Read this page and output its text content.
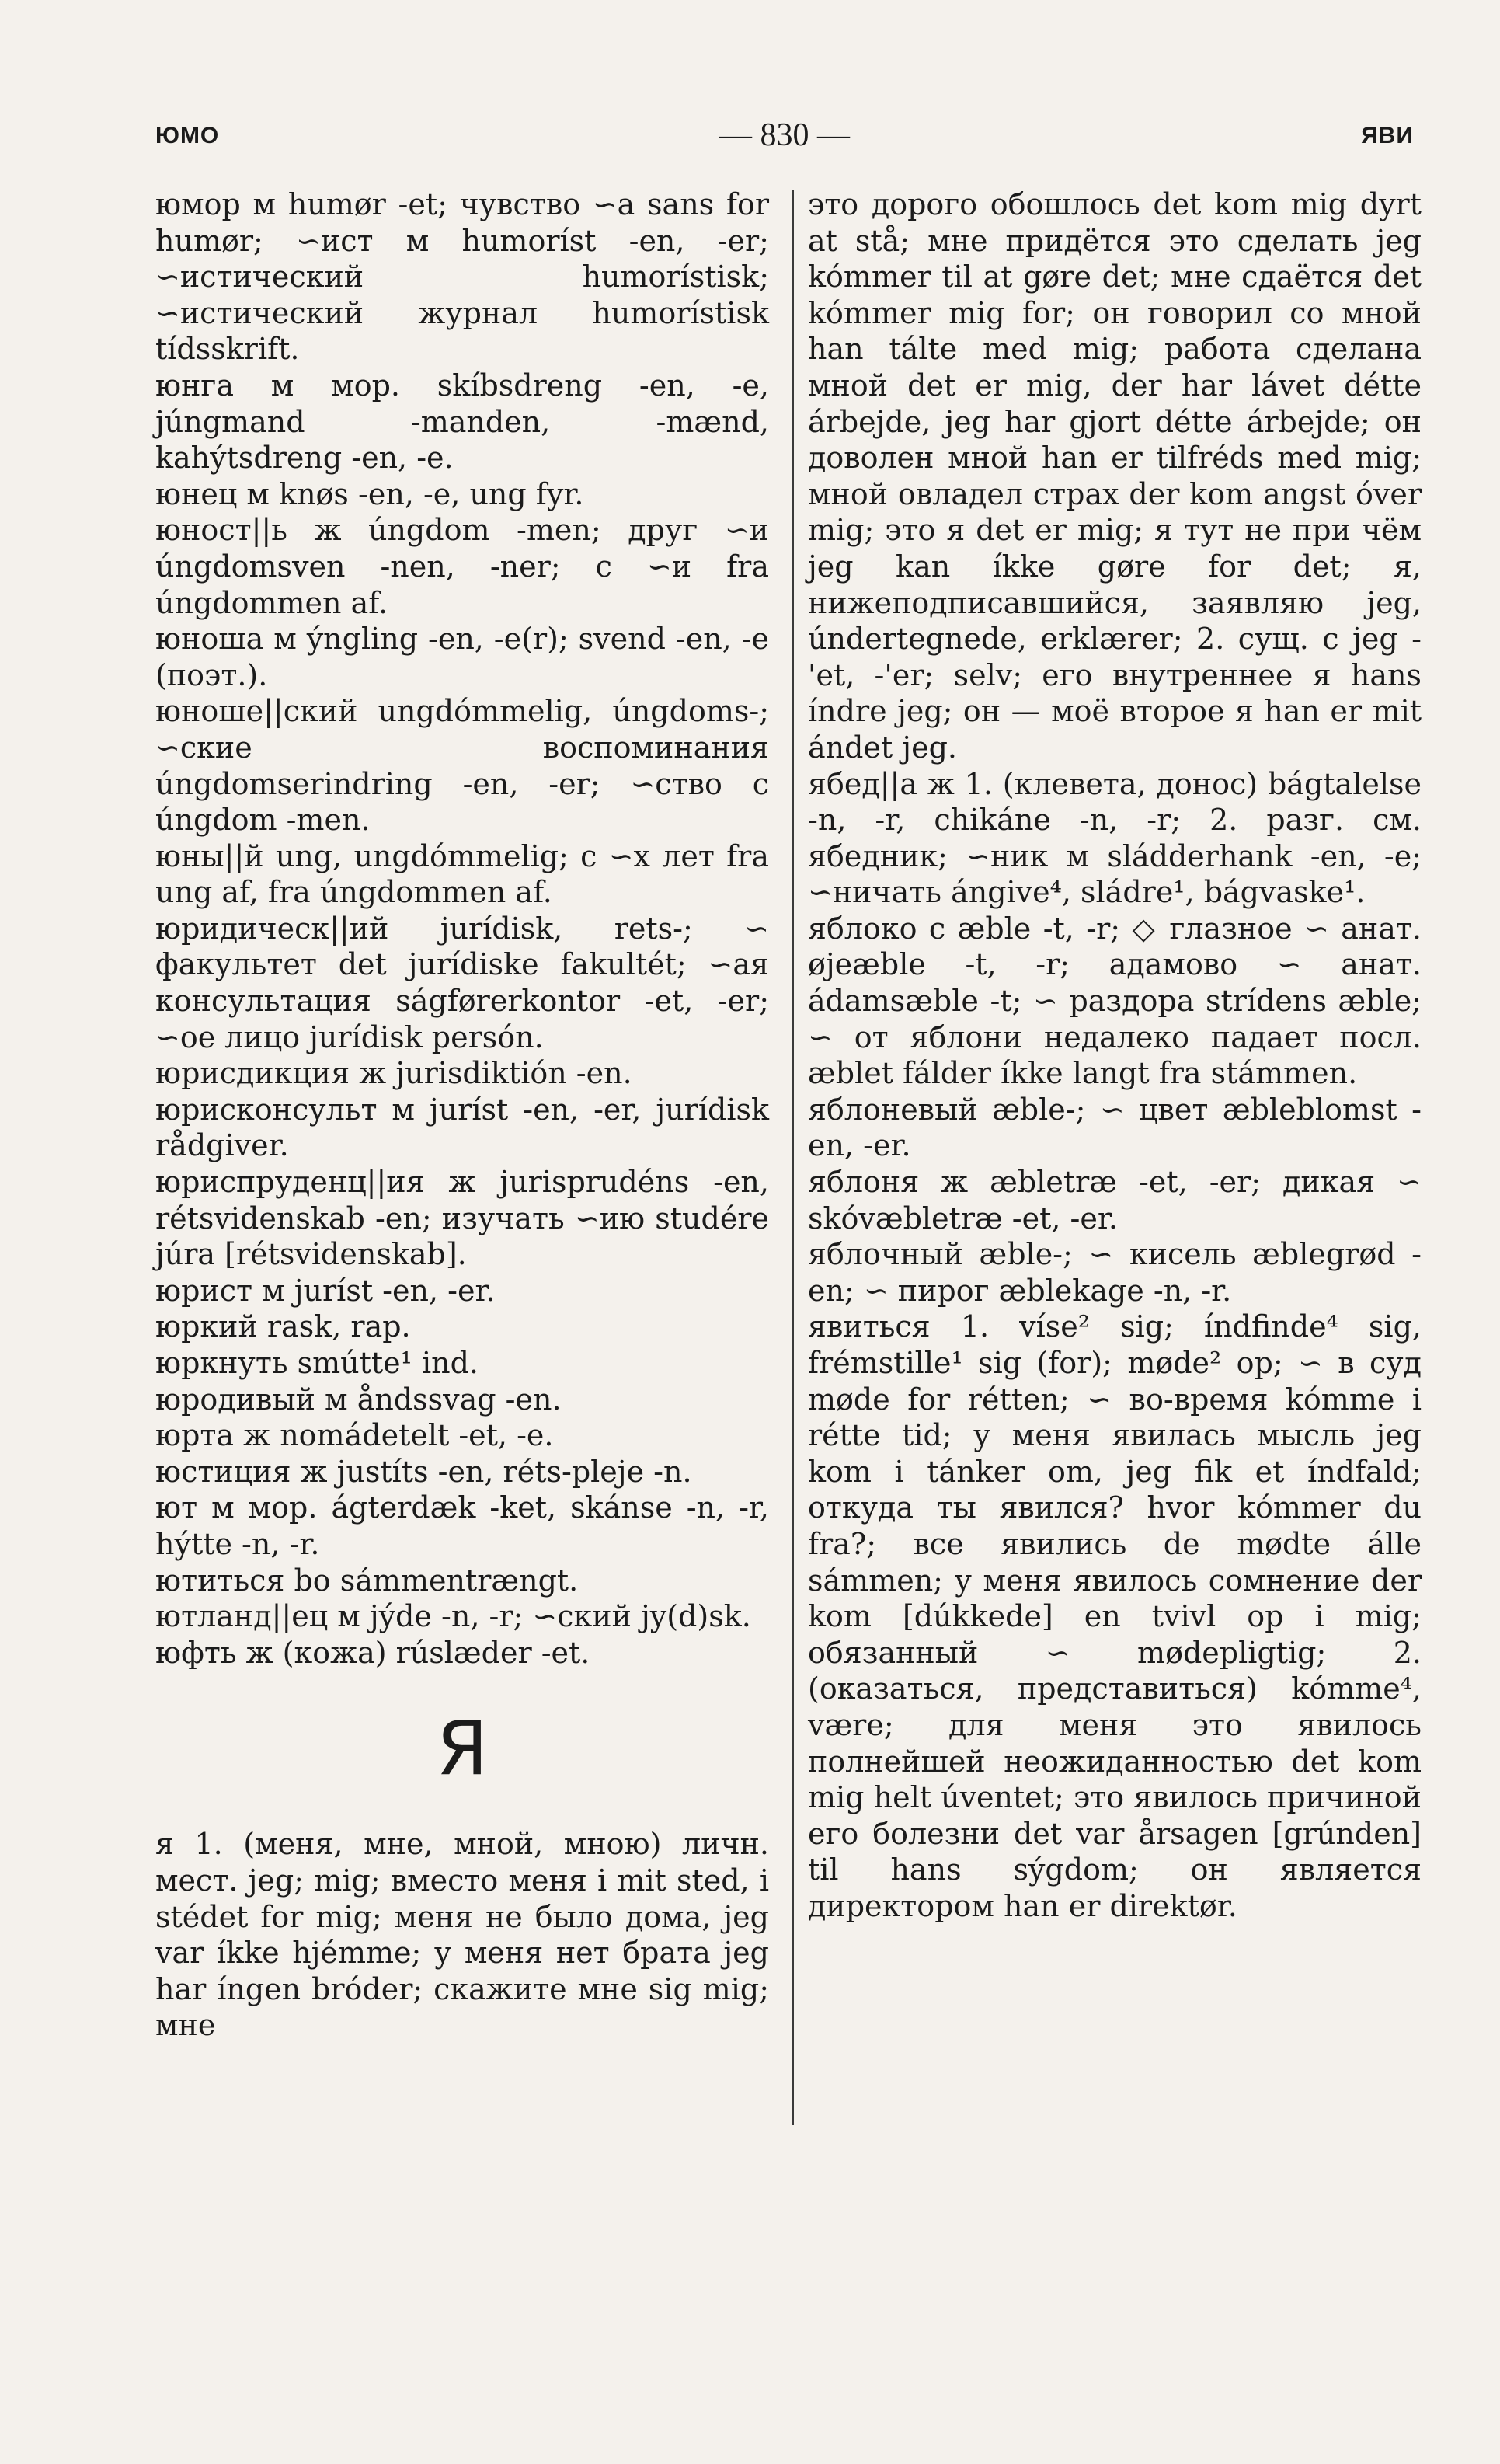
ЮМО	— 830 —	ЯВИ

юмор м humør -et; чувство ∽а sans for humør; ∽ист м humoríst -en, -er; ∽истический humorístisk; ∽истический журнал humorístisk tídsskrift.

юнга м мор. skíbsdreng -en, -e, júngmand -manden, -mænd, kahýtsdreng -en, -e.

юнец м knøs -en, -e, ung fyr.

юност||ь ж úngdom -men; друг ∽и úngdomsven -nen, -ner; с ∽и fra úngdommen af.

юноша м ýngling -en, -e(r); svend -en, -e (поэт.).

юноше||ский ungdómmelig, úngdoms-; ∽ские воспоминания úngdomserindring -en, -er; ∽ство с úngdom -men.

юны||й ung, ungdómmelig; с ∽х лет fra ung af, fra úngdommen af.

юридическ||ий jurídisk, rets-; ∽ факультет det jurídiske fakultét; ∽ая консультация ságførerkontor -et, -er; ∽ое лицо jurídisk persón.

юрисдикция ж jurisdiktión -en.

юрисконсульт м juríst -en, -er, jurídisk rådgiver.

юриспруденц||ия ж jurisprudéns -en, rétsvidenskab -en; изучать ∽ию studére júra [rétsvidenskab].

юрист м juríst -en, -er.

юркий rask, rap.

юркнуть smútte¹ ind.

юродивый м åndssvag -en.

юрта ж nomádetelt -et, -e.

юстиция ж justíts -en, réts-pleje -n.

ют м мор. ágterdæk -ket, skánse -n, -r, hýtte -n, -r.

ютиться bo sámmentrængt.

ютланд||ец м jýde -n, -r; ∽ский jy(d)sk.

юфть ж (кожа) rúslæder -et.

Я

я 1. (меня, мне, мной, мною) личн. мест. jeg; mig; вместо меня i mit sted, i stédet for mig; меня не было дома, jeg var íkke hjémme; у меня нет брата jeg har íngen bróder; скажите мне sig mig; мне

это дорого обошлось det kom mig dyrt at stå; мне придётся это сделать jeg kómmer til at gøre det; мне сдаётся det kómmer mig for; он говорил со мной han tálte med mig; работа сделана мной det er mig, der har lávet détte árbejde, jeg har gjort détte árbejde; он доволен мной han er tilfréds med mig; мной овладел страх der kom angst óver mig; это я det er mig; я тут не при чём jeg kan íkke gøre for det; я, нижеподписавшийся, заявляю jeg, úndertegnede, erklærer; 2. сущ. с jeg -'et, -'er; selv; его внутреннее я hans índre jeg; он — моё второе я han er mit ándet jeg.

ябед||а ж 1. (клевета, донос) bágtalelse -n, -r, chikáne -n, -r; 2. разг. см. ябедник; ∽ник м sládderhank -en, -e; ∽ничать ángive⁴, sládre¹, bágvaske¹.

яблоко с æble -t, -r; ◇ глазное ∽ анат. øjeæble -t, -r; адамово ∽ анат. ádamsæble -t; ∽ раздора strídens æble; ∽ от яблони недалеко падает посл. æblet fálder íkke langt fra stámmen.

яблоневый æble-; ∽ цвет æbleblomst -en, -er.

яблоня ж æbletræ -et, -er; дикая ∽ skóvæbletræ -et, -er.

яблочный æble-; ∽ кисель æblegrød -en; ∽ пирог æblekage -n, -r.

явиться 1. víse² sig; índfinde⁴ sig, frémstille¹ sig (for); møde² op; ∽ в суд møde for rétten; ∽ во-время kómme i rétte tid; у меня явилась мысль jeg kom i tánker om, jeg fik et índfald; откуда ты явился? hvor kómmer du fra?; все явились de mødte álle sámmen; у меня явилось сомнение der kom [dúkkede] en tvivl op i mig; обязанный ∽ mødepligtig; 2. (оказаться, представиться) kómme⁴, være; для меня это явилось полнейшей неожиданностью det kom mig helt úventet; это явилось причиной его болезни det var årsagen [grúnden] til hans sýgdom; он является директором han er direktør.
